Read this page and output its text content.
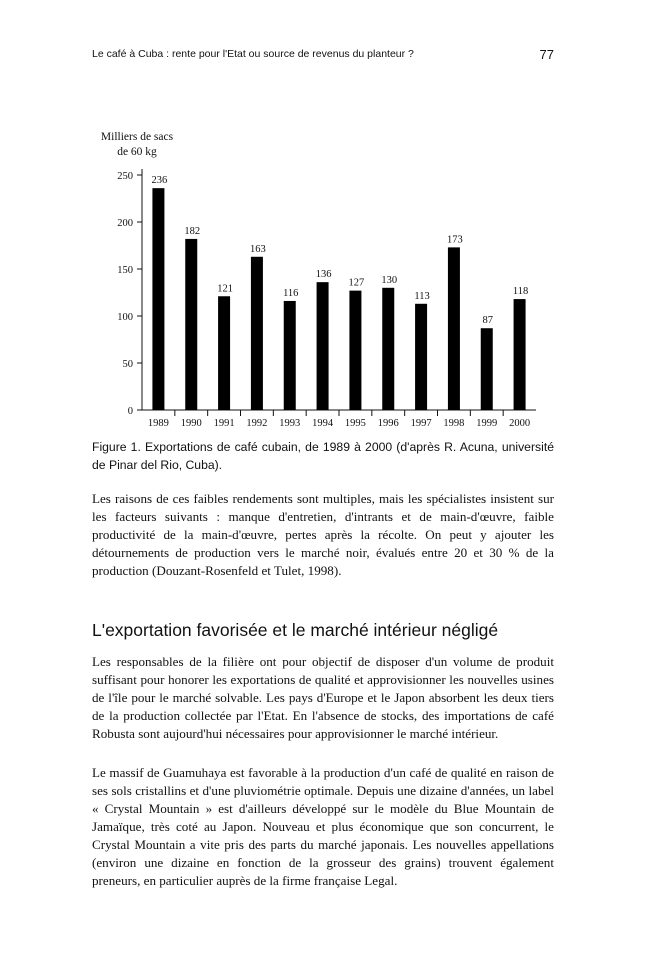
Le café à Cuba : rente pour l'Etat ou source de revenus du planteur ?	77
Milliers de sacs
de 60 kg
0
50
100
150
200
250 236
1989
182
1990
121
1991
163
1992
116
1993
136
1994
127
1995
130
1996
113
1997
173
1998
87
1999
118
2000
Figure 1. Exportations de café cubain, de 1989 à 2000 (d'après R. Acuna, université de Pinar del Rio, Cuba).

Les raisons de ces faibles rendements sont multiples, mais les spécialistes insistent sur les facteurs suivants : manque d'entretien, d'intrants et de main-d'œuvre, faible productivité de la main-d'œuvre, pertes après la récolte. On peut y ajouter les détournements de production vers le marché noir, évalués entre 20 et 30 % de la production (Douzant-Rosenfeld et Tulet, 1998).

L'exportation favorisée et le marché intérieur négligé

Les responsables de la filière ont pour objectif de disposer d'un volume de produit suffisant pour honorer les exportations de qualité et approvisionner les nouvelles usines de l'île pour le marché solvable. Les pays d'Europe et le Japon absorbent les deux tiers de la production collectée par l'Etat. En l'absence de stocks, des importations de café Robusta sont aujourd'hui nécessaires pour approvisionner le marché intérieur.

Le massif de Guamuhaya est favorable à la production d'un café de qualité en raison de ses sols cristallins et d'une pluviométrie optimale. Depuis une dizaine d'années, un label « Crystal Mountain » est d'ailleurs développé sur le modèle du Blue Mountain de Jamaïque, très coté au Japon. Nouveau et plus économique que son concurrent, le Crystal Mountain a vite pris des parts du marché japonais. Les nouvelles appellations (environ une dizaine en fonction de la grosseur des grains) trouvent également preneurs, en particulier auprès de la firme française Legal.
